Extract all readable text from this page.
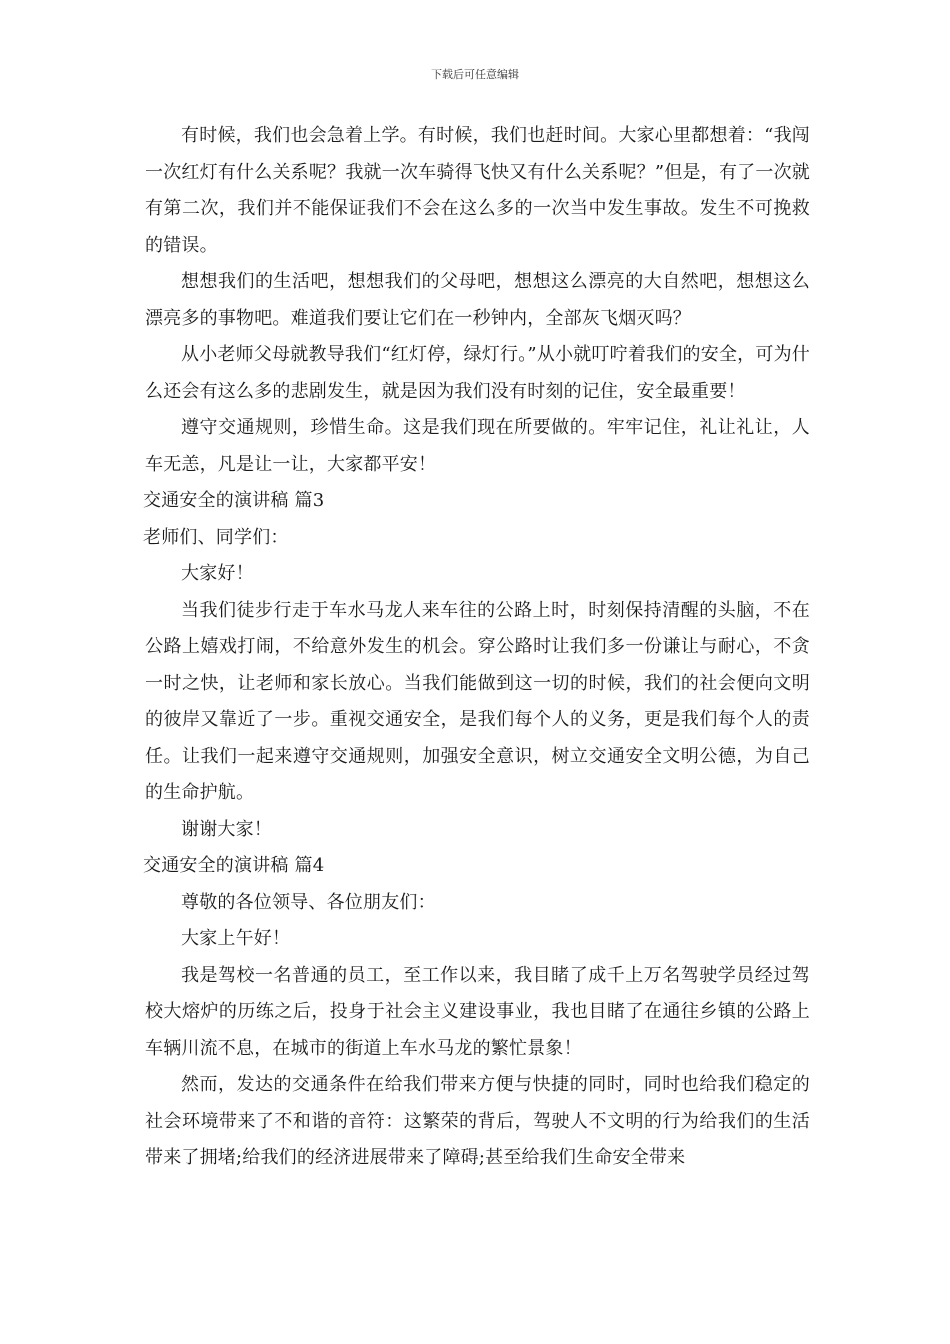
下载后可任意编辑

有时候，我们也会急着上学。有时候，我们也赶时间。大家心里都想着：“我闯一次红灯有什么关系呢？我就一次车骑得飞快又有什么关系呢？”但是，有了一次就有第二次，我们并不能保证我们不会在这么多的一次当中发生事故。发生不可挽救的错误。

想想我们的生活吧，想想我们的父母吧，想想这么漂亮的大自然吧，想想这么漂亮多的事物吧。难道我们要让它们在一秒钟内，全部灰飞烟灭吗？

从小老师父母就教导我们“红灯停，绿灯行。”从小就叮咛着我们的安全，可为什么还会有这么多的悲剧发生，就是因为我们没有时刻的记住，安全最重要！

遵守交通规则，珍惜生命。这是我们现在所要做的。牢牢记住，礼让礼让，人车无恙，凡是让一让，大家都平安！

交通安全的演讲稿 篇3

老师们、同学们：

大家好！

当我们徒步行走于车水马龙人来车往的公路上时，时刻保持清醒的头脑，不在公路上嬉戏打闹，不给意外发生的机会。穿公路时让我们多一份谦让与耐心，不贪一时之快，让老师和家长放心。当我们能做到这一切的时候，我们的社会便向文明的彼岸又靠近了一步。重视交通安全，是我们每个人的义务，更是我们每个人的责任。让我们一起来遵守交通规则，加强安全意识，树立交通安全文明公德，为自己的生命护航。

谢谢大家！

交通安全的演讲稿 篇4

尊敬的各位领导、各位朋友们：

大家上午好！

我是驾校一名普通的员工，至工作以来，我目睹了成千上万名驾驶学员经过驾校大熔炉的历练之后，投身于社会主义建设事业，我也目睹了在通往乡镇的公路上车辆川流不息，在城市的街道上车水马龙的繁忙景象！

然而，发达的交通条件在给我们带来方便与快捷的同时，同时也给我们稳定的社会环境带来了不和谐的音符：这繁荣的背后，驾驶人不文明的行为给我们的生活带来了拥堵;给我们的经济进展带来了障碍;甚至给我们生命安全带来
